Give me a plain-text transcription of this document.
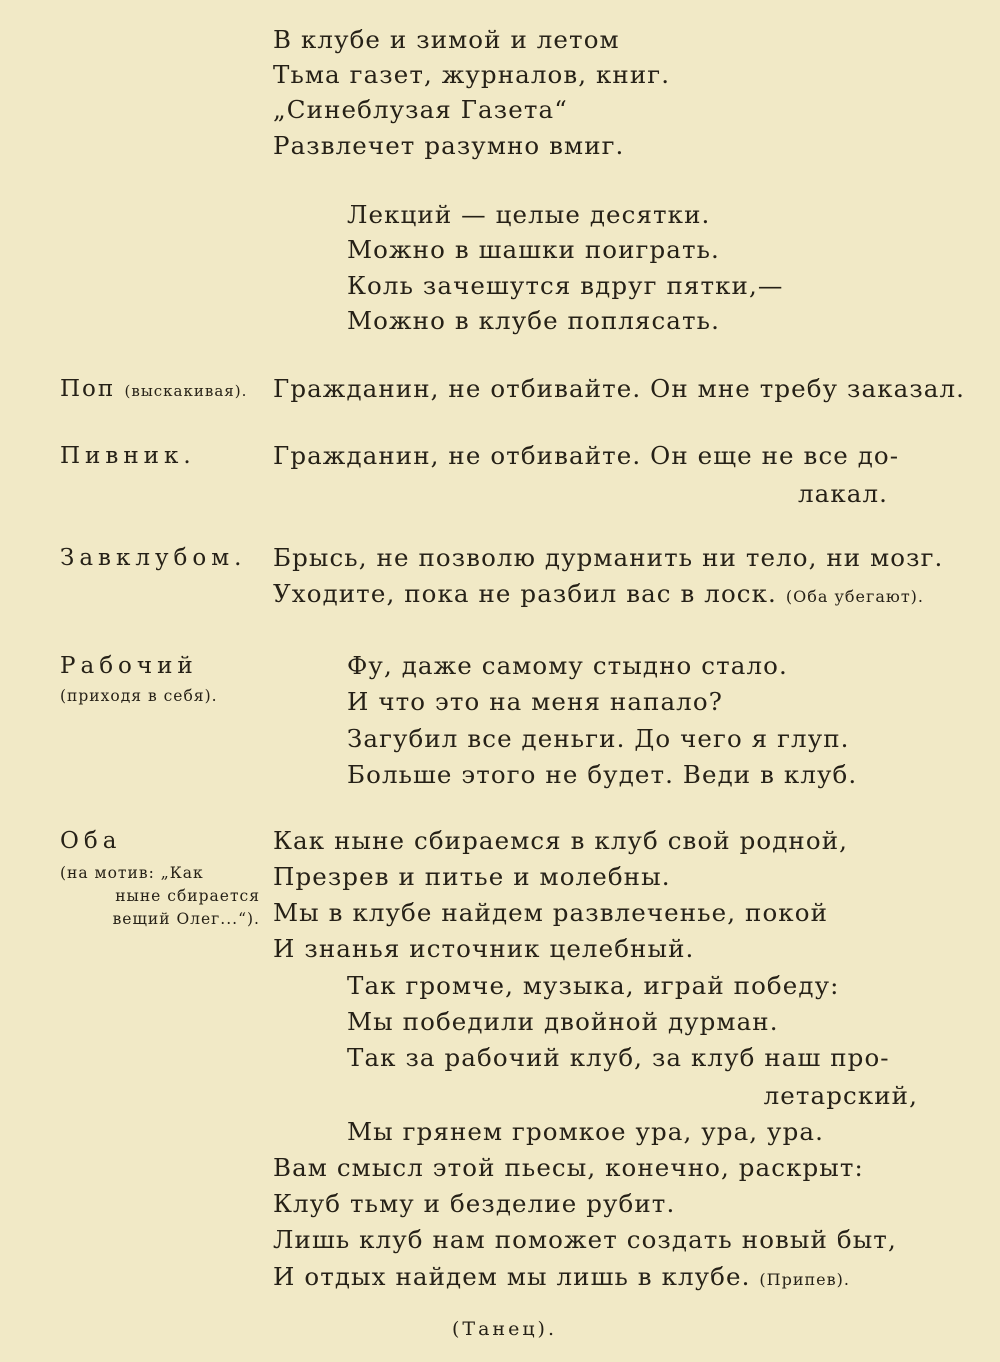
В клубе и зимой и летом
Тьма газет, журналов, книг.
„Синеблузая Газета“
Развлечет разумно вмиг.
Лекций — целые десятки.
Можно в шашки поиграть.
Коль зачешутся вдруг пятки,—
Можно в клубе поплясать.
Поп (выскакивая). Гражданин, не отбивайте. Он мне требу заказал.
Пивник.	Гражданин, не отбивайте. Он еще не все до-
лакал.
Завклубом. Брысь, не позволю дурманить ни тело, ни мозг.
Уходите, пока не разбил вас в лоск. (Оба убегают).
Рабочий
(приходя в себя).
Фу, даже самому стыдно стало.
И что это на меня напало?
Загубил все деньги. До чего я глуп.
Больше этого не будет. Веди в клуб.
Оба
(на мотив: „Как
ныне сбирается
вещий Олег...“).
Как ныне сбираемся в клуб свой родной,
Презрев и питье и молебны.
Мы в клубе найдем развлеченье, покой
И знанья источник целебный.
Так громче, музыка, играй победу:
Мы победили двойной дурман.
Так за рабочий клуб, за клуб наш про-
летарский,
Мы грянем громкое ура, ура, ура.
Вам смысл этой пьесы, конечно, раскрыт:
Клуб тьму и безделие рубит.
Лишь клуб нам поможет создать новый быт,
И отдых найдем мы лишь в клубе. (Припев).
(Танец).
